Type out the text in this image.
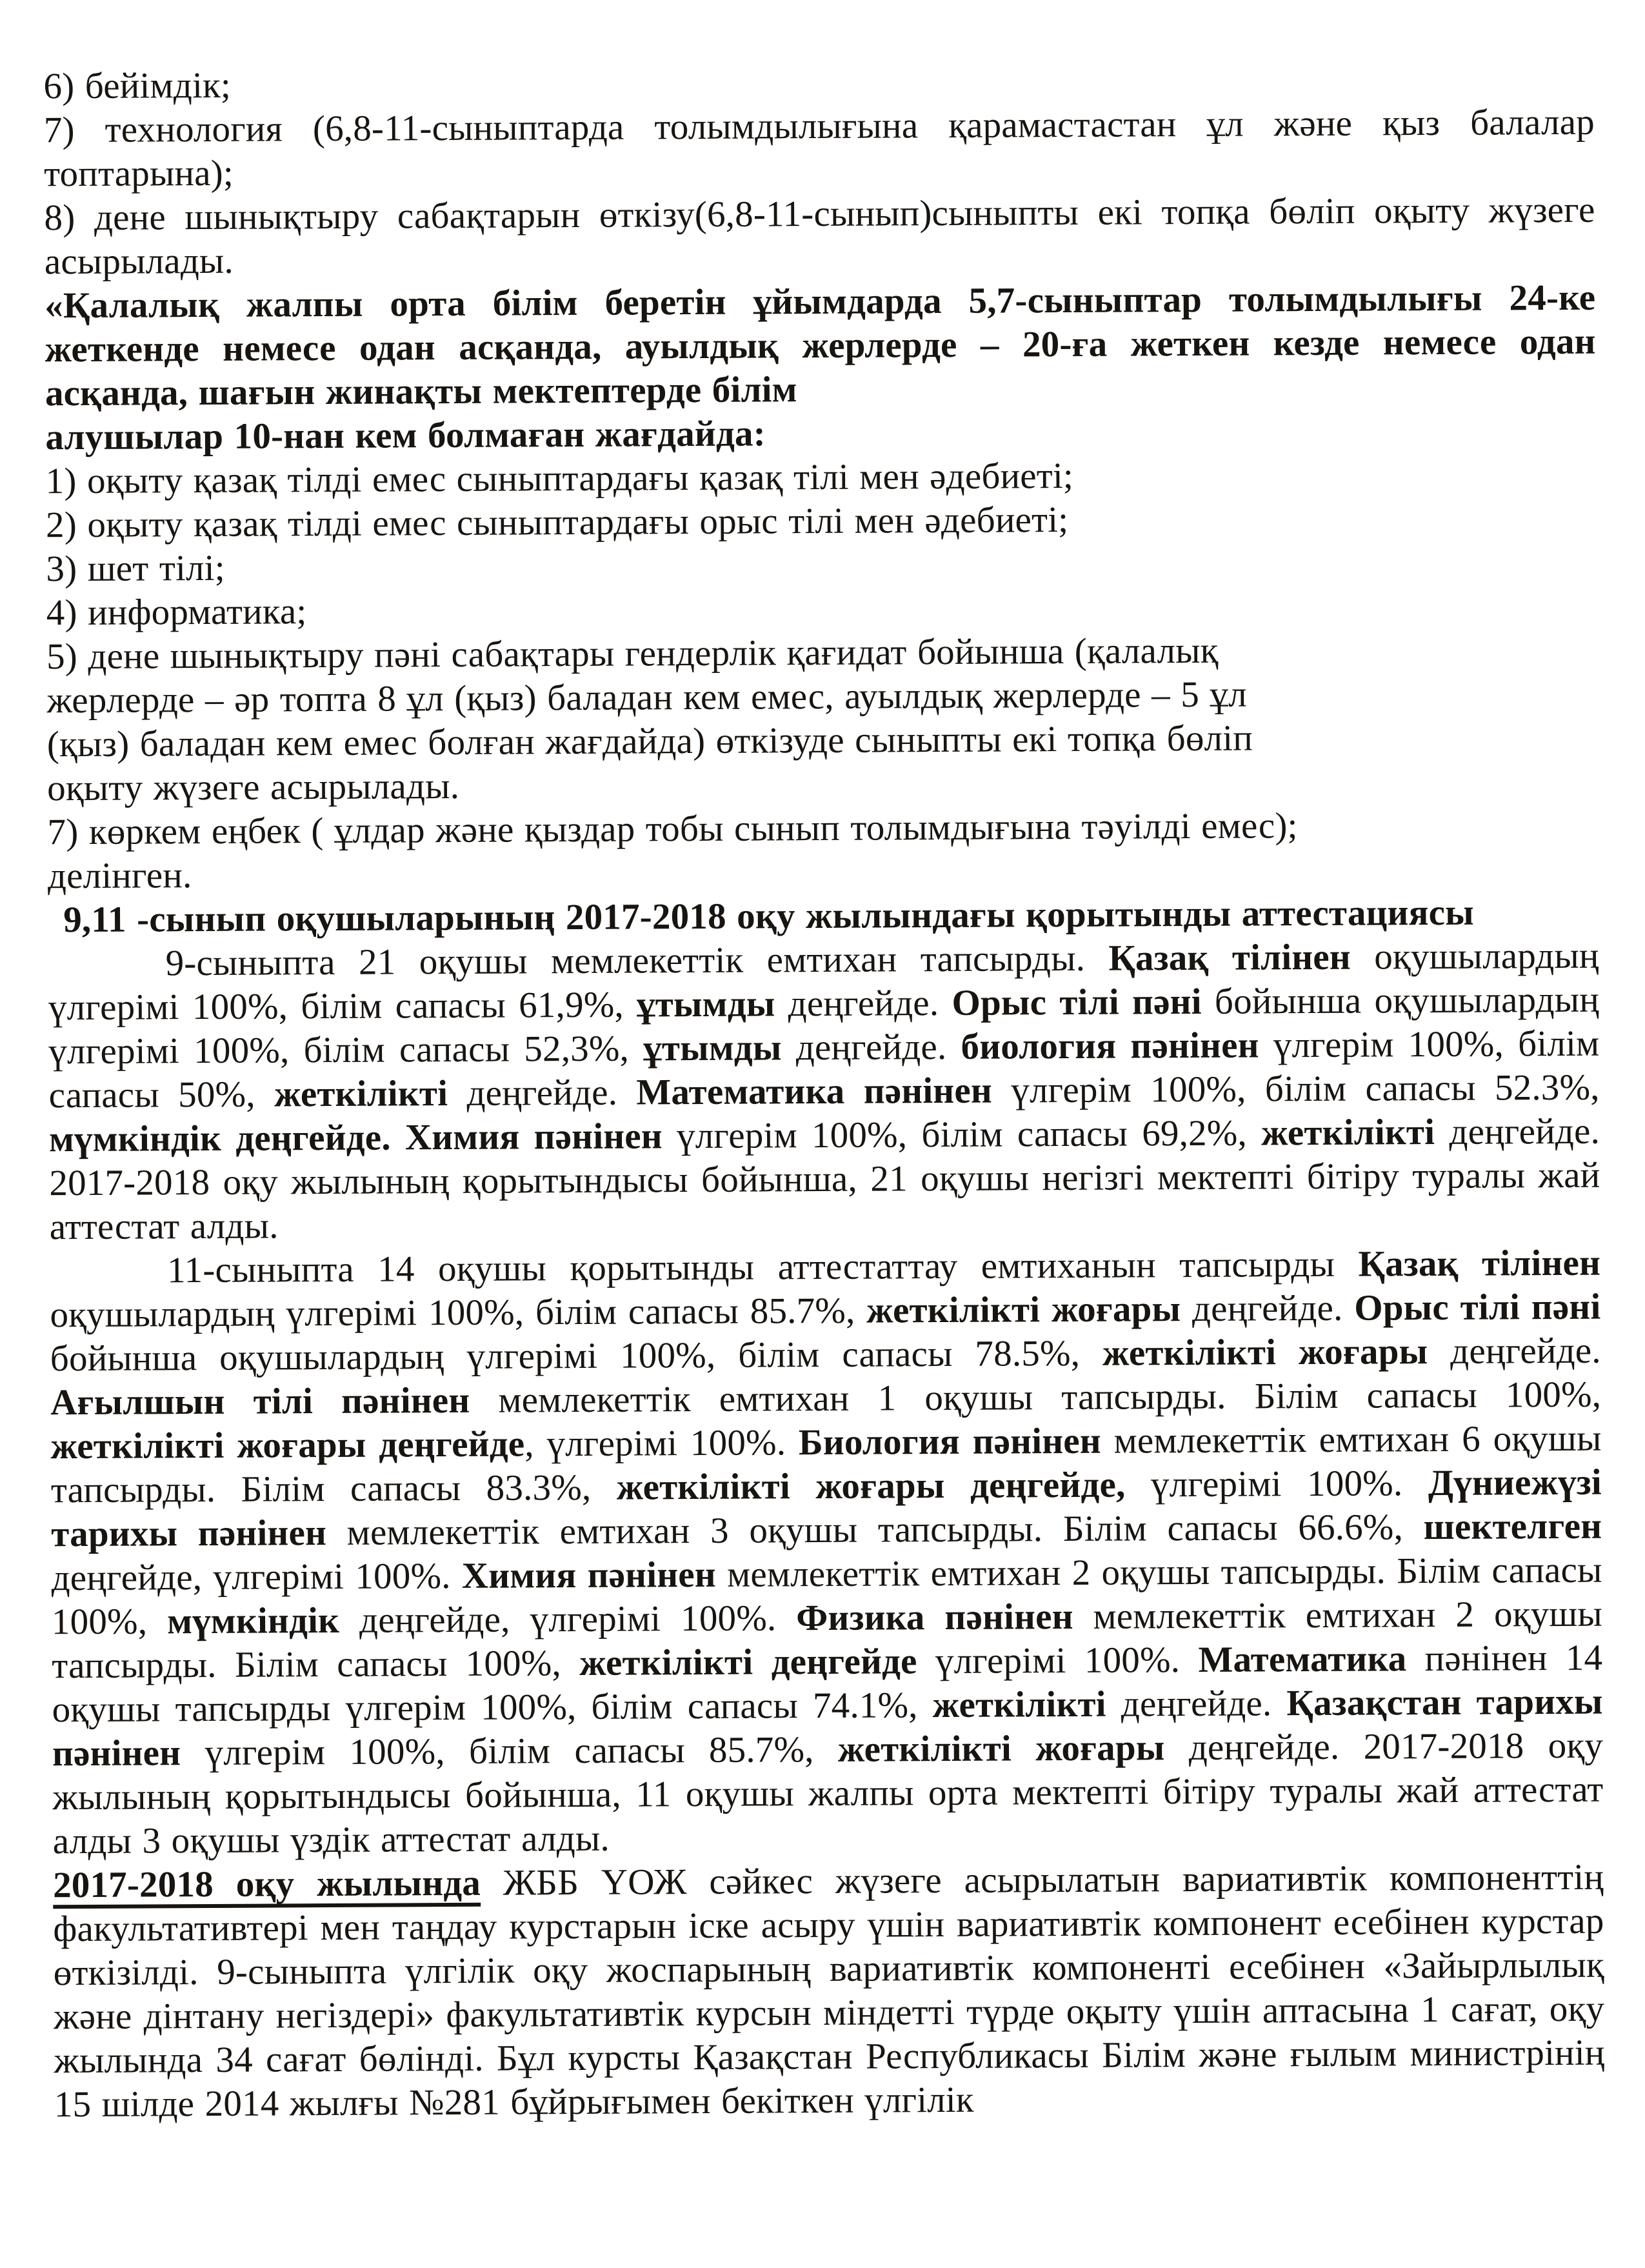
6) бейімдік;

7) технология (6,8-11-сыныптарда толымдылығына қарамастастан ұл және қыз балалар топтарына);

8) дене шынықтыру сабақтарын өткізу(6,8-11-сынып)сыныпты екі топқа бөліп оқыту жүзеге асырылады.

«Қалалық жалпы орта білім беретін ұйымдарда 5,7-сыныптар толымдылығы 24-ке жеткенде немесе одан асқанда, ауылдық жерлерде – 20-ға жеткен кезде немесе одан асқанда, шағын жинақты мектептерде білім
алушылар 10-нан кем болмаған жағдайда:

1) оқыту қазақ тілді емес сыныптардағы қазақ тілі мен әдебиеті;

2) оқыту қазақ тілді емес сыныптардағы орыс тілі мен әдебиеті;

3) шет тілі;

4) информатика;

5) дене шынықтыру пәні сабақтары гендерлік қағидат бойынша (қалалық
жерлерде – әр топта 8 ұл (қыз) баладан кем емес, ауылдық жерлерде – 5 ұл
(қыз) баладан кем емес болған жағдайда) өткізуде сыныпты екі топқа бөліп
оқыту жүзеге асырылады.

7) көркем еңбек ( ұлдар және қыздар тобы сынып толымдығына тәуілді емес);

делінген.

9,11 -сынып оқушыларының 2017-2018 оқу жылындағы қорытынды аттестациясы

9-сыныпта 21 оқушы мемлекеттік емтихан тапсырды. Қазақ тілінен оқушылардың үлгерімі 100%, білім сапасы 61,9%, ұтымды деңгейде. Орыс тілі пәні бойынша оқушылардың үлгерімі 100%, білім сапасы 52,3%, ұтымды деңгейде. биология пәнінен үлгерім 100%, білім сапасы 50%, жеткілікті деңгейде. Математика пәнінен үлгерім 100%, білім сапасы 52.3%, мүмкіндік деңгейде. Химия пәнінен үлгерім 100%, білім сапасы 69,2%, жеткілікті деңгейде. 2017-2018 оқу жылының қорытындысы бойынша, 21 оқушы негізгі мектепті бітіру туралы жай аттестат алды.

11-сыныпта 14 оқушы қорытынды аттестаттау емтиханын тапсырды Қазақ тілінен оқушылардың үлгерімі 100%, білім сапасы 85.7%, жеткілікті жоғары деңгейде. Орыс тілі пәні бойынша оқушылардың үлгерімі 100%, білім сапасы 78.5%, жеткілікті жоғары деңгейде. Ағылшын тілі пәнінен мемлекеттік емтихан 1 оқушы тапсырды. Білім сапасы 100%, жеткілікті жоғары деңгейде, үлгерімі 100%. Биология пәнінен мемлекеттік емтихан 6 оқушы тапсырды. Білім сапасы 83.3%, жеткілікті жоғары деңгейде, үлгерімі 100%. Дүниежүзі тарихы пәнінен мемлекеттік емтихан 3 оқушы тапсырды. Білім сапасы 66.6%, шектелген деңгейде, үлгерімі 100%. Химия пәнінен мемлекеттік емтихан 2 оқушы тапсырды. Білім сапасы 100%, мүмкіндік деңгейде, үлгерімі 100%. Физика пәнінен мемлекеттік емтихан 2 оқушы тапсырды. Білім сапасы 100%, жеткілікті деңгейде үлгерімі 100%. Математика пәнінен 14 оқушы тапсырды үлгерім 100%, білім сапасы 74.1%, жеткілікті деңгейде. Қазақстан тарихы пәнінен үлгерім 100%, білім сапасы 85.7%, жеткілікті жоғары деңгейде. 2017-2018 оқу жылының қорытындысы бойынша, 11 оқушы жалпы орта мектепті бітіру туралы жай аттестат алды 3 оқушы үздік аттестат алды.

2017-2018 оқу жылында ЖББ ҮОЖ сәйкес жүзеге асырылатын вариативтік компоненттің факультативтері мен таңдау курстарын іске асыру үшін вариативтік компонент есебінен курстар өткізілді. 9-сыныпта үлгілік оқу жоспарының вариативтік компоненті есебінен «Зайырлылық және дінтану негіздері» факультативтік курсын міндетті түрде оқыту үшін аптасына 1 сағат, оқу жылында 34 сағат бөлінді. Бұл курсты Қазақстан Республикасы Білім және ғылым министрінің 15 шілде 2014 жылғы №281 бұйрығымен бекіткен үлгілік
